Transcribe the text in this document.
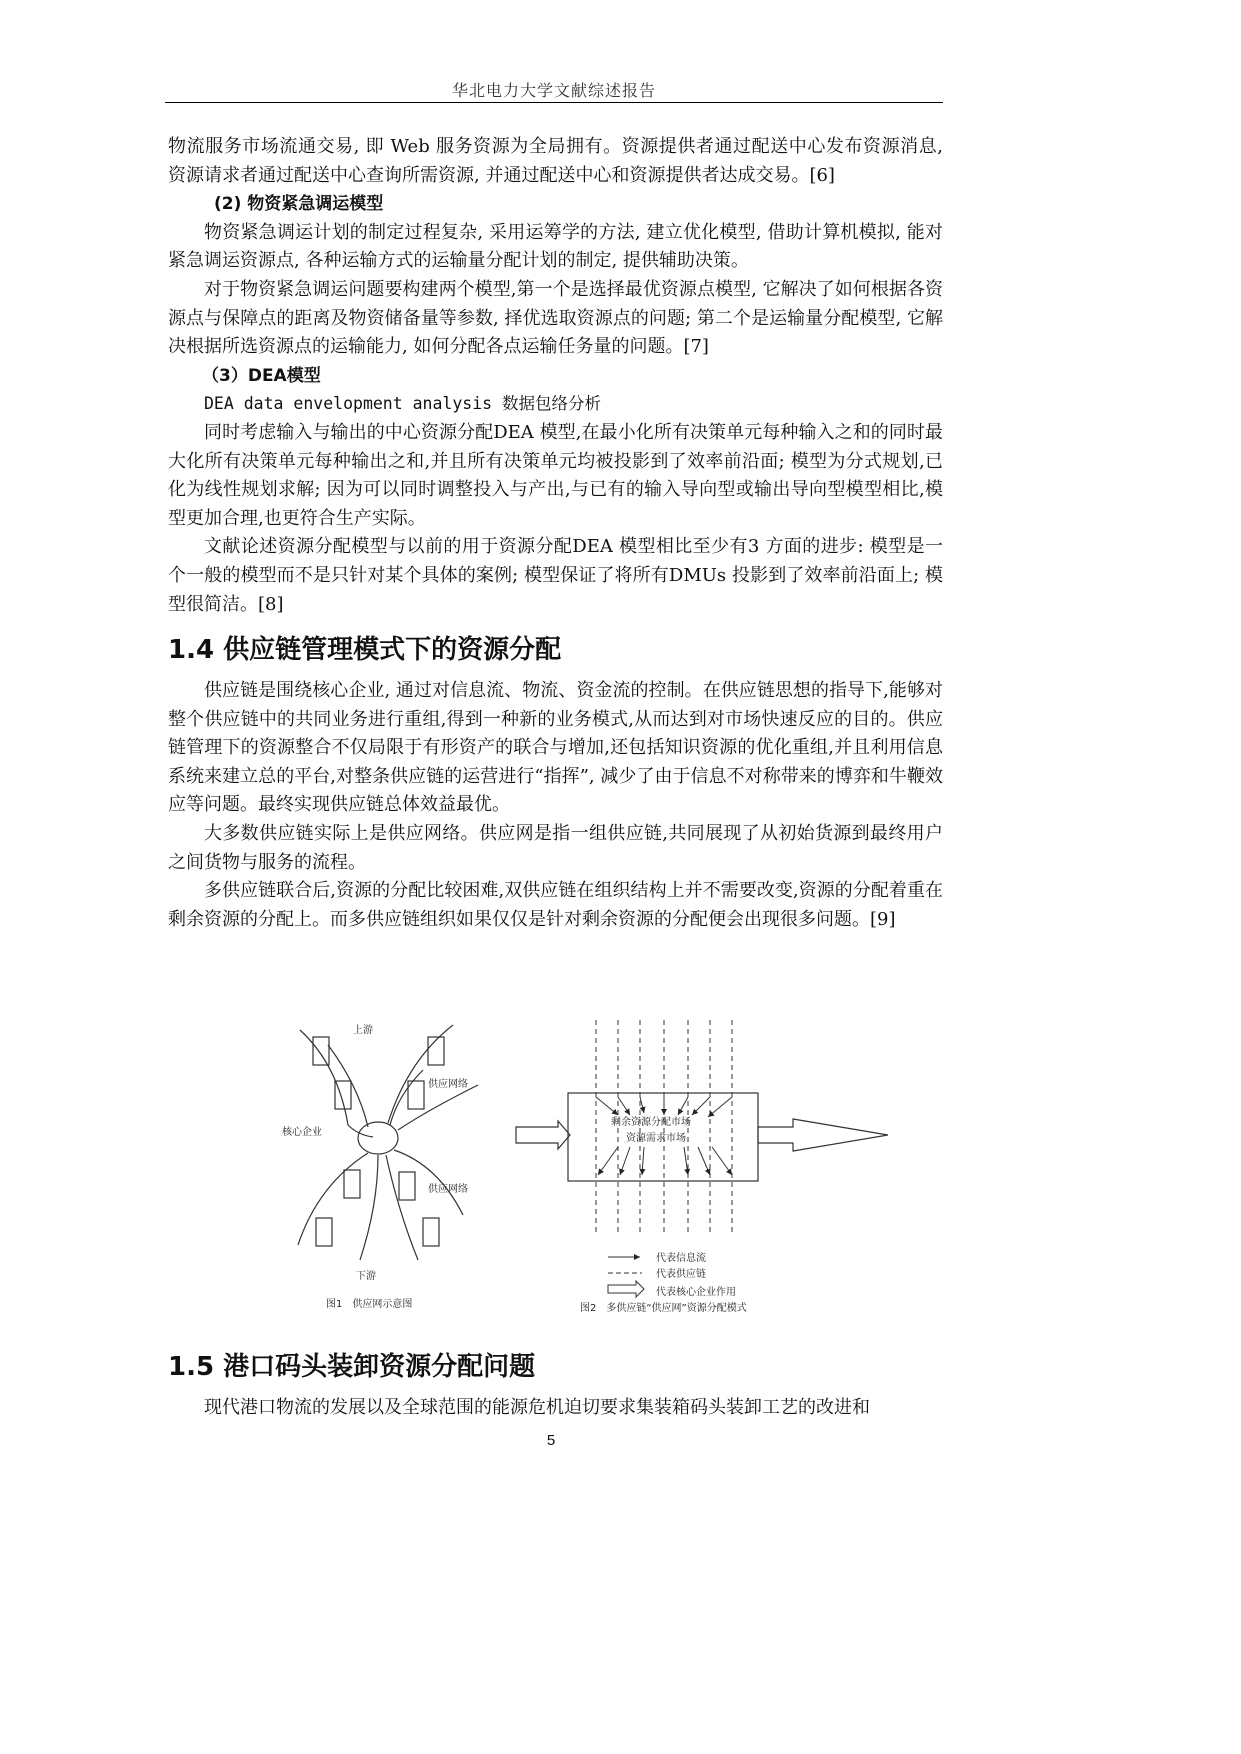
华北电力大学文献综述报告

物流服务市场流通交易, 即 Web 服务资源为全局拥有。资源提供者通过配送中心发布资源消息, 资源请求者通过配送中心查询所需资源, 并通过配送中心和资源提供者达成交易。[6]

(2) 物资紧急调运模型

物资紧急调运计划的制定过程复杂, 采用运筹学的方法, 建立优化模型, 借助计算机模拟, 能对紧急调运资源点, 各种运输方式的运输量分配计划的制定, 提供辅助决策。

对于物资紧急调运问题要构建两个模型,第一个是选择最优资源点模型, 它解决了如何根据各资源点与保障点的距离及物资储备量等参数, 择优选取资源点的问题; 第二个是运输量分配模型, 它解决根据所选资源点的运输能力, 如何分配各点运输任务量的问题。[7]

（3）DEA模型
DEA data envelopment analysis 数据包络分析

同时考虑输入与输出的中心资源分配DEA 模型,在最小化所有决策单元每种输入之和的同时最大化所有决策单元每种输出之和,并且所有决策单元均被投影到了效率前沿面; 模型为分式规划,已化为线性规划求解; 因为可以同时调整投入与产出,与已有的输入导向型或输出导向型模型相比,模型更加合理,也更符合生产实际。

文献论述资源分配模型与以前的用于资源分配DEA 模型相比至少有3 方面的进步: 模型是一个一般的模型而不是只针对某个具体的案例; 模型保证了将所有DMUs 投影到了效率前沿面上; 模型很简洁。[8]

1.4 供应链管理模式下的资源分配

供应链是围绕核心企业, 通过对信息流、物流、资金流的控制。在供应链思想的指导下,能够对整个供应链中的共同业务进行重组,得到一种新的业务模式,从而达到对市场快速反应的目的。供应链管理下的资源整合不仅局限于有形资产的联合与增加,还包括知识资源的优化重组,并且利用信息系统来建立总的平台,对整条供应链的运营进行“指挥”, 减少了由于信息不对称带来的博弈和牛鞭效应等问题。最终实现供应链总体效益最优。

大多数供应链实际上是供应网络。供应网是指一组供应链,共同展现了从初始货源到最终用户之间货物与服务的流程。

多供应链联合后,资源的分配比较困难,双供应链在组织结构上并不需要改变,资源的分配着重在剩余资源的分配上。而多供应链组织如果仅仅是针对剩余资源的分配便会出现很多问题。[9]

上游
供应网络
核心企业
供应网络
下游
图1　供应网示意图
剩余资源分配市场
资源需求市场
代表信息流
代表供应链
代表核心企业作用
图2　多供应链“供应网”资源分配模式
1.5 港口码头装卸资源分配问题

现代港口物流的发展以及全球范围的能源危机迫切要求集装箱码头装卸工艺的改进和

5
